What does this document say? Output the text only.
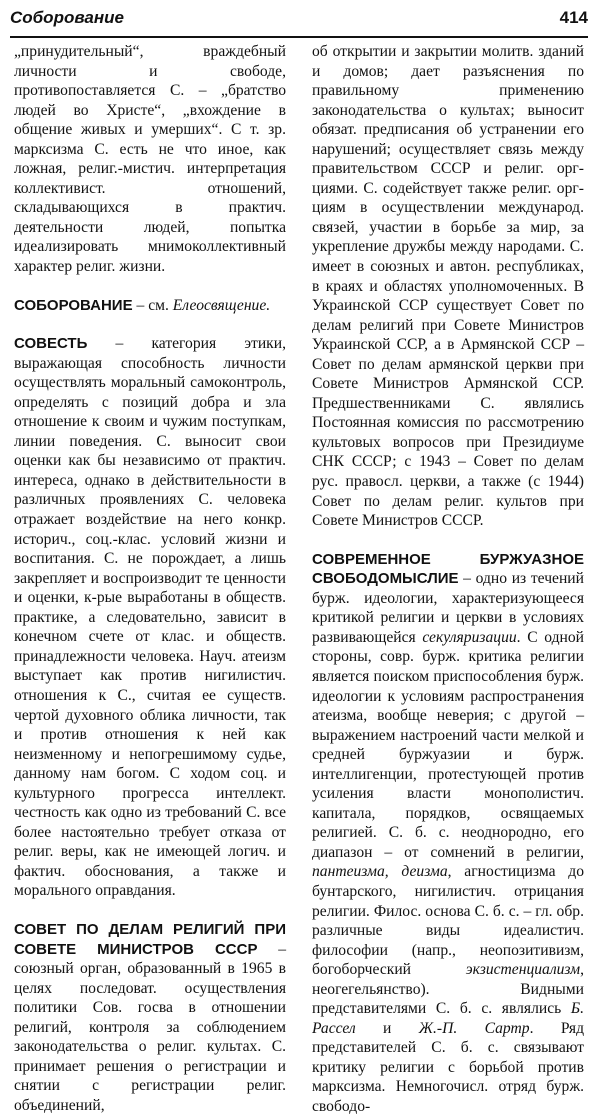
Соборование	414

„принудительный“, враждебный личности и свободе, противопоставляется С. – „братство людей во Христе“, „вхождение в общение живых и умерших“. С т. зр. марксизма С. есть не что иное, как ложная, религ.-мистич. интерпретация коллективист. отношений, складывающихся в практич. деятельности людей, попытка идеализировать мнимоколлективный характер религ. жизни.

СОБОРОВАНИЕ – см. Елеосвящение.

СОВЕСТЬ – категория этики, выражающая способность личности осуществлять моральный самоконтроль, определять с позиций добра и зла отношение к своим и чужим поступкам, линии поведения. С. выносит свои оценки как бы независимо от практич. интереса, однако в действительности в различных проявлениях С. человека отражает воздействие на него конкр. историч., соц.-клас. условий жизни и воспитания. С. не порождает, а лишь закрепляет и воспроизводит те ценности и оценки, к-рые выработаны в обществ. практике, а следовательно, зависит в конечном счете от клас. и обществ. принадлежности человека. Науч. атеизм выступает как против нигилистич. отношения к С., считая ее существ. чертой духовного облика личности, так и против отношения к ней как неизменному и непогрешимому судье, данному нам богом. С ходом соц. и культурного прогресса интеллект. честность как одно из требований С. все более настоятельно требует отказа от религ. веры, как не имеющей логич. и фактич. обоснования, а также и морального оправдания.

СОВЕТ ПО ДЕЛАМ РЕЛИГИЙ ПРИ СОВЕТЕ МИНИСТРОВ СССР – союзный орган, образованный в 1965 в целях последоват. осуществления политики Сов. госва в отношении религий, контроля за соблюдением законодательства о религ. культах. С. принимает решения о регистрации и снятии с регистрации религ. объединений,

об открытии и закрытии молитв. зданий и домов; дает разъяснения по правильному применению законодательства о культах; выносит обязат. предписания об устранении его нарушений; осуществляет связь между правительством СССР и религ. орг-циями. С. содействует также религ. орг-циям в осуществлении международ. связей, участии в борьбе за мир, за укрепление дружбы между народами. С. имеет в союзных и автон. республиках, в краях и областях уполномоченных. В Украинской ССР существует Совет по делам религий при Совете Министров Украинской ССР, а в Армянской ССР – Совет по делам армянской церкви при Совете Министров Армянской ССР. Предшественниками С. являлись Постоянная комиссия по рассмотрению культовых вопросов при Президиуме СНК СССР; с 1943 – Совет по делам рус. правосл. церкви, а также (с 1944) Совет по делам религ. культов при Совете Министров СССР.

СОВРЕМЕННОЕ БУРЖУАЗНОЕ СВОБОДОМЫСЛИЕ – одно из течений бурж. идеологии, характеризующееся критикой религии и церкви в условиях развивающейся секуляризации. С одной стороны, совр. бурж. критика религии является поиском приспособления бурж. идеологии к условиям распространения атеизма, вообще неверия; с другой – выражением настроений части мелкой и средней буржуазии и бурж. интеллигенции, протестующей против усиления власти монополистич. капитала, порядков, освящаемых религией. С. б. с. неоднородно, его диапазон – от сомнений в религии, пантеизма, деизма, агностицизма до бунтарского, нигилистич. отрицания религии. Филос. основа С. б. с. – гл. обр. различные виды идеалистич. философии (напр., неопозитивизм, богоборческий экзистенциализм, неогегельянство). Видными представителями С. б. с. являлись Б. Рассел и Ж.-П. Сартр. Ряд представителей С. б. с. связывают критику религии с борьбой против марксизма. Немногочисл. отряд бурж. свободо-
